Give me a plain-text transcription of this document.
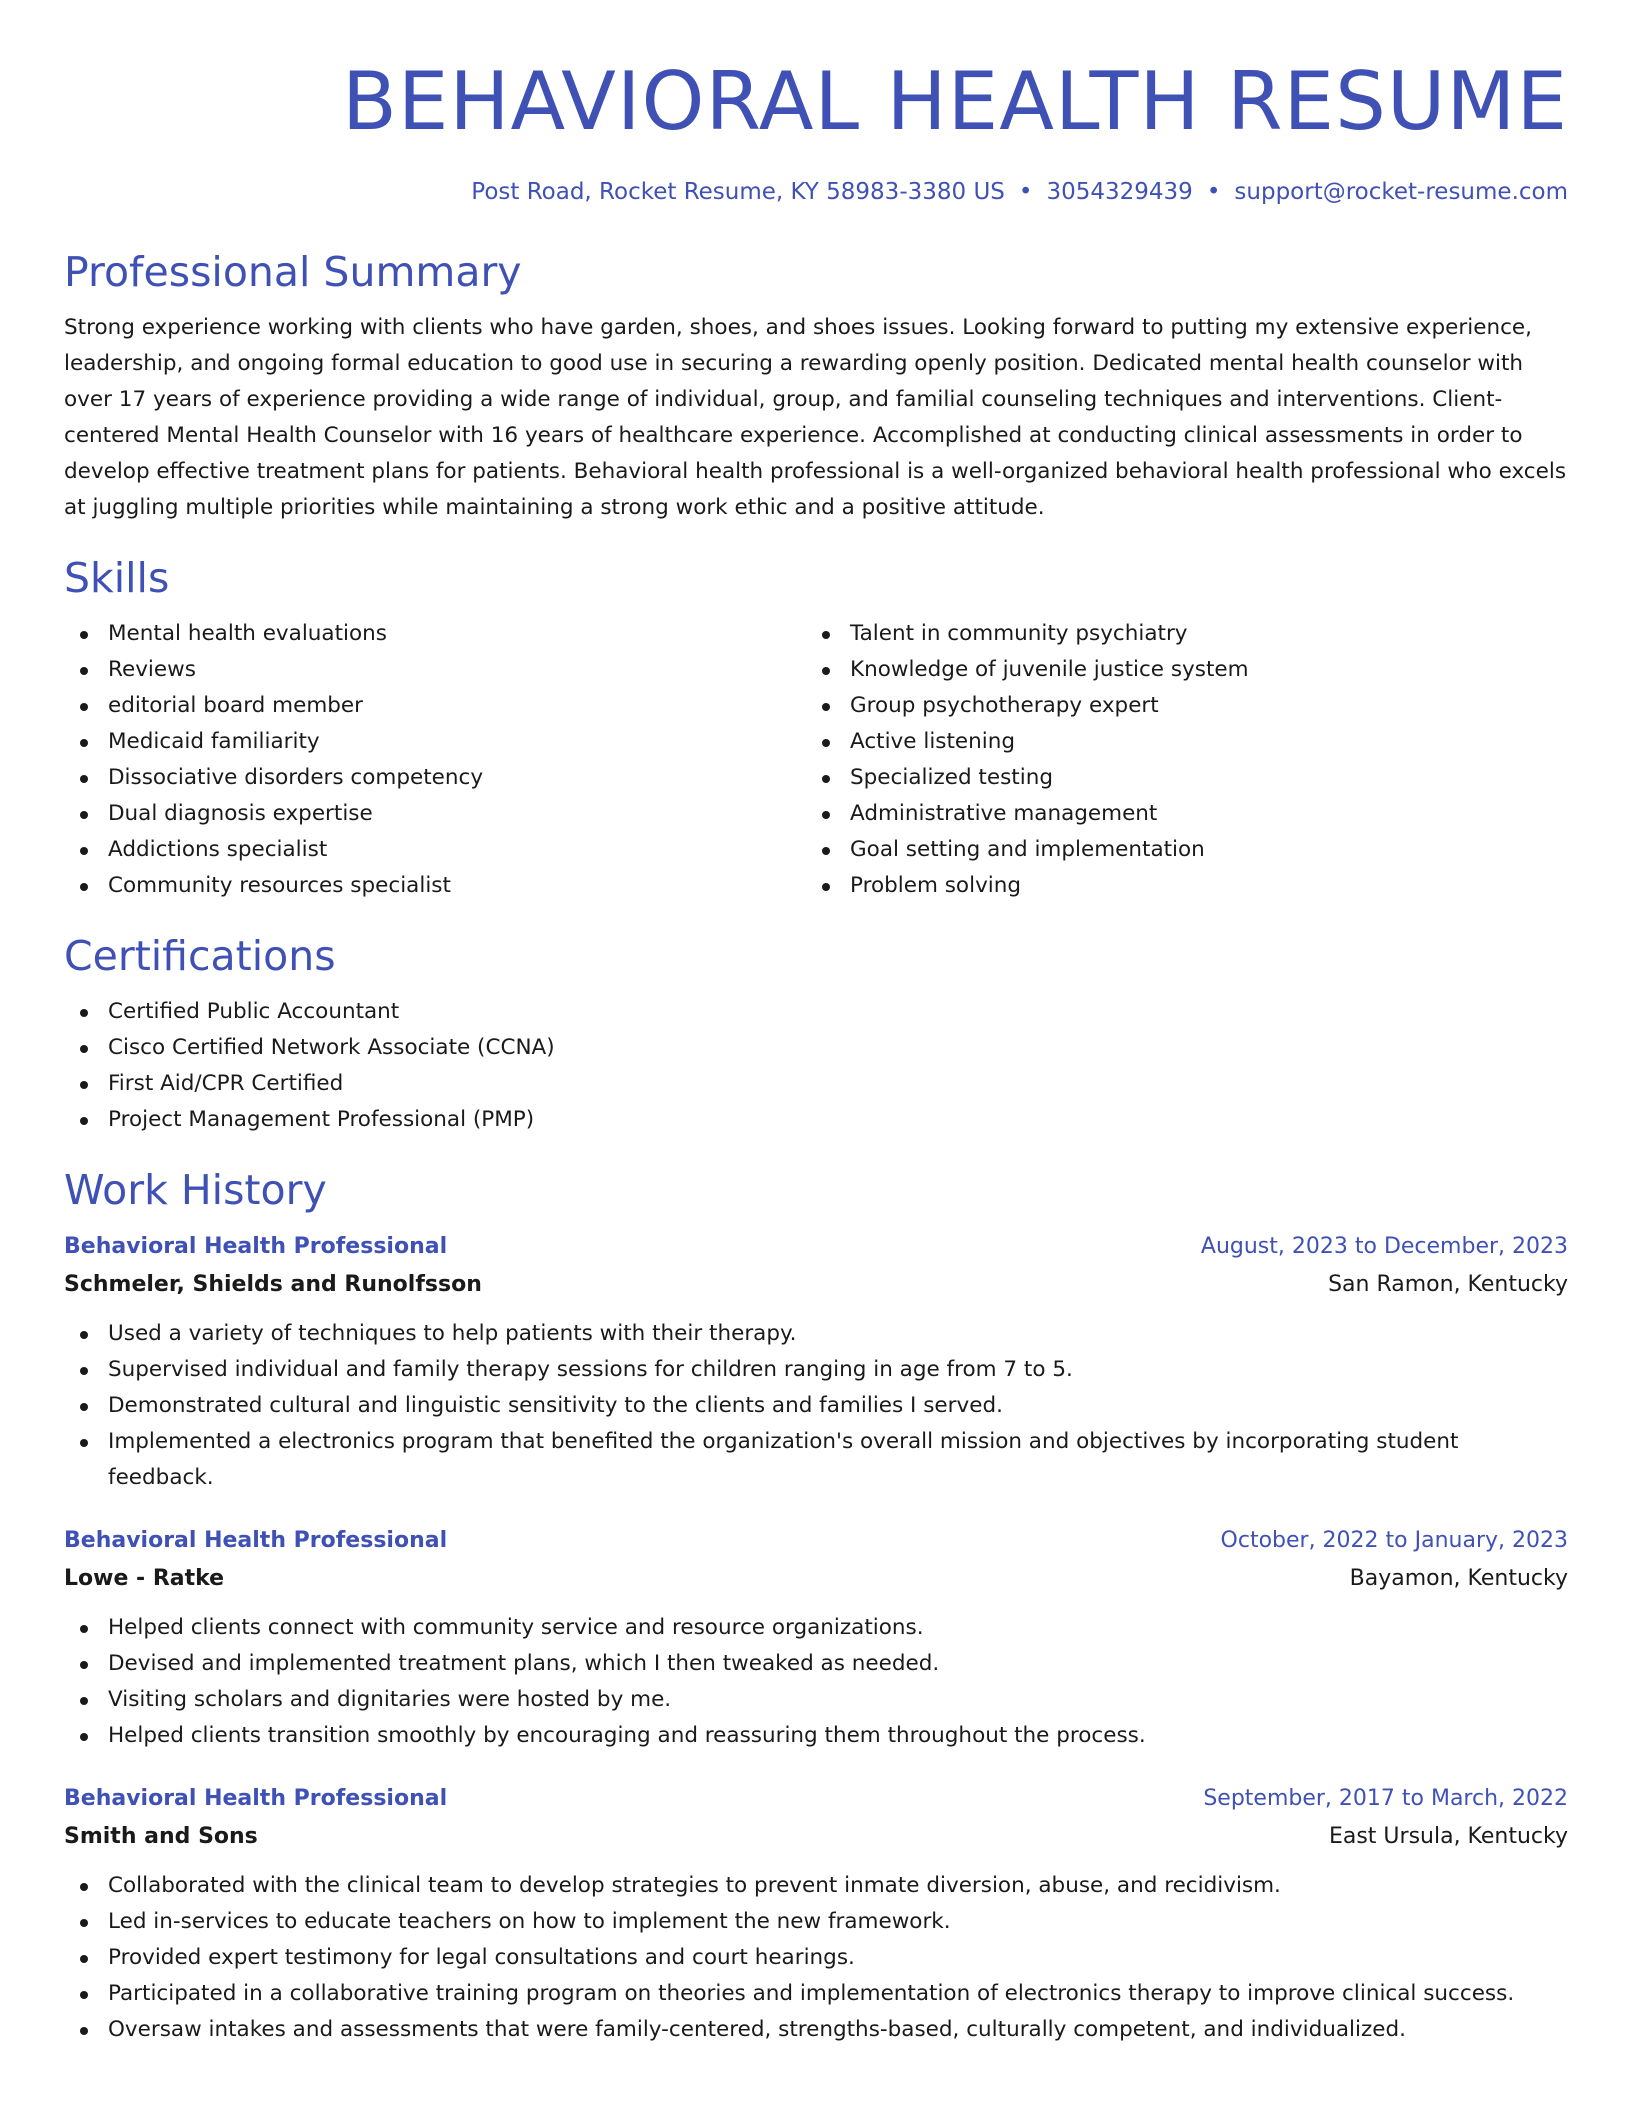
BEHAVIORAL HEALTH RESUME
Post Road, Rocket Resume, KY 58983-3380 US • 3054329439 • support@rocket-resume.com
Professional Summary
Strong experience working with clients who have garden, shoes, and shoes issues. Looking forward to putting my extensive experience, leadership, and ongoing formal education to good use in securing a rewarding openly position. Dedicated mental health counselor with over 17 years of experience providing a wide range of individual, group, and familial counseling techniques and interventions. Client-centered Mental Health Counselor with 16 years of healthcare experience. Accomplished at conducting clinical assessments in order to develop effective treatment plans for patients. Behavioral health professional is a well-organized behavioral health professional who excels at juggling multiple priorities while maintaining a strong work ethic and a positive attitude.
Skills
Mental health evaluations
Reviews
editorial board member
Medicaid familiarity
Dissociative disorders competency
Dual diagnosis expertise
Addictions specialist
Community resources specialist
Talent in community psychiatry
Knowledge of juvenile justice system
Group psychotherapy expert
Active listening
Specialized testing
Administrative management
Goal setting and implementation
Problem solving
Certifications
Certified Public Accountant
Cisco Certified Network Associate (CCNA)
First Aid/CPR Certified
Project Management Professional (PMP)
Work History
Behavioral Health Professional	August, 2023 to December, 2023
Schmeler, Shields and Runolfsson	San Ramon, Kentucky
Used a variety of techniques to help patients with their therapy.
Supervised individual and family therapy sessions for children ranging in age from 7 to 5.
Demonstrated cultural and linguistic sensitivity to the clients and families I served.
Implemented a electronics program that benefited the organization's overall mission and objectives by incorporating student feedback.
Behavioral Health Professional	October, 2022 to January, 2023
Lowe - Ratke	Bayamon, Kentucky
Helped clients connect with community service and resource organizations.
Devised and implemented treatment plans, which I then tweaked as needed.
Visiting scholars and dignitaries were hosted by me.
Helped clients transition smoothly by encouraging and reassuring them throughout the process.
Behavioral Health Professional	September, 2017 to March, 2022
Smith and Sons	East Ursula, Kentucky
Collaborated with the clinical team to develop strategies to prevent inmate diversion, abuse, and recidivism.
Led in-services to educate teachers on how to implement the new framework.
Provided expert testimony for legal consultations and court hearings.
Participated in a collaborative training program on theories and implementation of electronics therapy to improve clinical success.
Oversaw intakes and assessments that were family-centered, strengths-based, culturally competent, and individualized.
